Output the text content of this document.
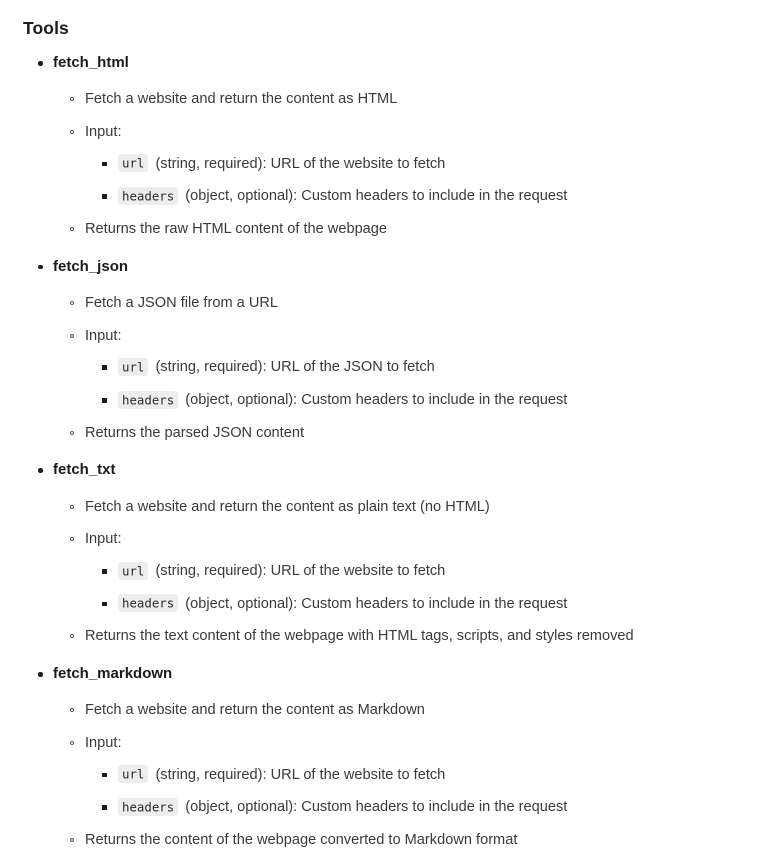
Tools
fetch_html
Fetch a website and return the content as HTML
Input:
url (string, required): URL of the website to fetch
headers (object, optional): Custom headers to include in the request
Returns the raw HTML content of the webpage
fetch_json
Fetch a JSON file from a URL
Input:
url (string, required): URL of the JSON to fetch
headers (object, optional): Custom headers to include in the request
Returns the parsed JSON content
fetch_txt
Fetch a website and return the content as plain text (no HTML)
Input:
url (string, required): URL of the website to fetch
headers (object, optional): Custom headers to include in the request
Returns the text content of the webpage with HTML tags, scripts, and styles removed
fetch_markdown
Fetch a website and return the content as Markdown
Input:
url (string, required): URL of the website to fetch
headers (object, optional): Custom headers to include in the request
Returns the content of the webpage converted to Markdown format
